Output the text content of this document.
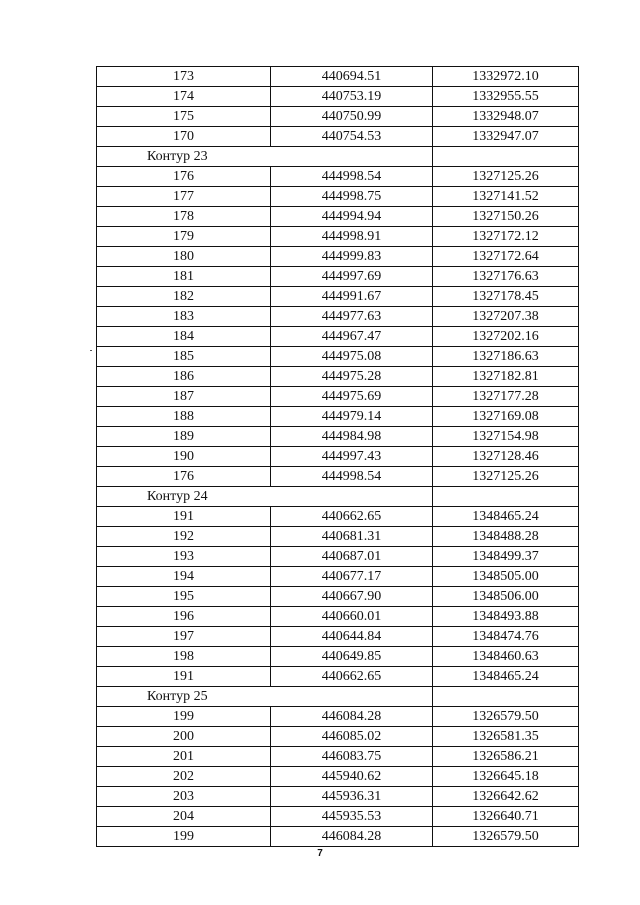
173	440694.51	1332972.10
174	440753.19	1332955.55
175	440750.99	1332948.07
170	440754.53	1332947.07
Контур 23		
176	444998.54	1327125.26
177	444998.75	1327141.52
178	444994.94	1327150.26
179	444998.91	1327172.12
180	444999.83	1327172.64
181	444997.69	1327176.63
182	444991.67	1327178.45
183	444977.63	1327207.38
184	444967.47	1327202.16
185	444975.08	1327186.63
186	444975.28	1327182.81
187	444975.69	1327177.28
188	444979.14	1327169.08
189	444984.98	1327154.98
190	444997.43	1327128.46
176	444998.54	1327125.26
Контур 24		
191	440662.65	1348465.24
192	440681.31	1348488.28
193	440687.01	1348499.37
194	440677.17	1348505.00
195	440667.90	1348506.00
196	440660.01	1348493.88
197	440644.84	1348474.76
198	440649.85	1348460.63
191	440662.65	1348465.24
Контур 25		
199	446084.28	1326579.50
200	446085.02	1326581.35
201	446083.75	1326586.21
202	445940.62	1326645.18
203	445936.31	1326642.62
204	445935.53	1326640.71
199	446084.28	1326579.50
7
